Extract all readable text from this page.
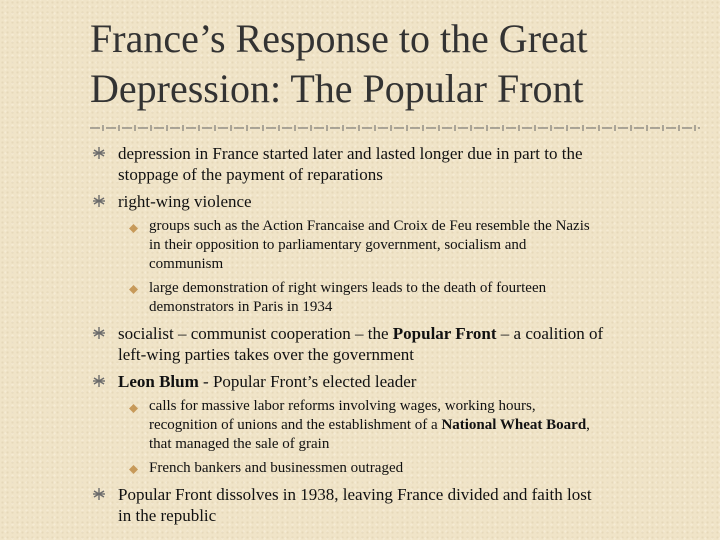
France’s Response to the Great
Depression: The Popular Front
depression in France started later and lasted longer due in part to the
stoppage of the payment of reparations
right-wing violence
groups such as the Action Francaise and Croix de Feu resemble the Nazis
in their opposition to parliamentary government, socialism and
communism
large demonstration of right wingers leads to the death of fourteen
demonstrators in Paris in 1934
socialist – communist cooperation – the Popular Front – a coalition of
left-wing parties takes over the government
Leon Blum - Popular Front’s elected leader
calls for massive labor reforms involving wages, working hours,
recognition of unions and the establishment of a National Wheat Board,
that managed the sale of grain
French bankers and businessmen outraged
Popular Front dissolves in 1938, leaving France divided and faith lost
in the republic
